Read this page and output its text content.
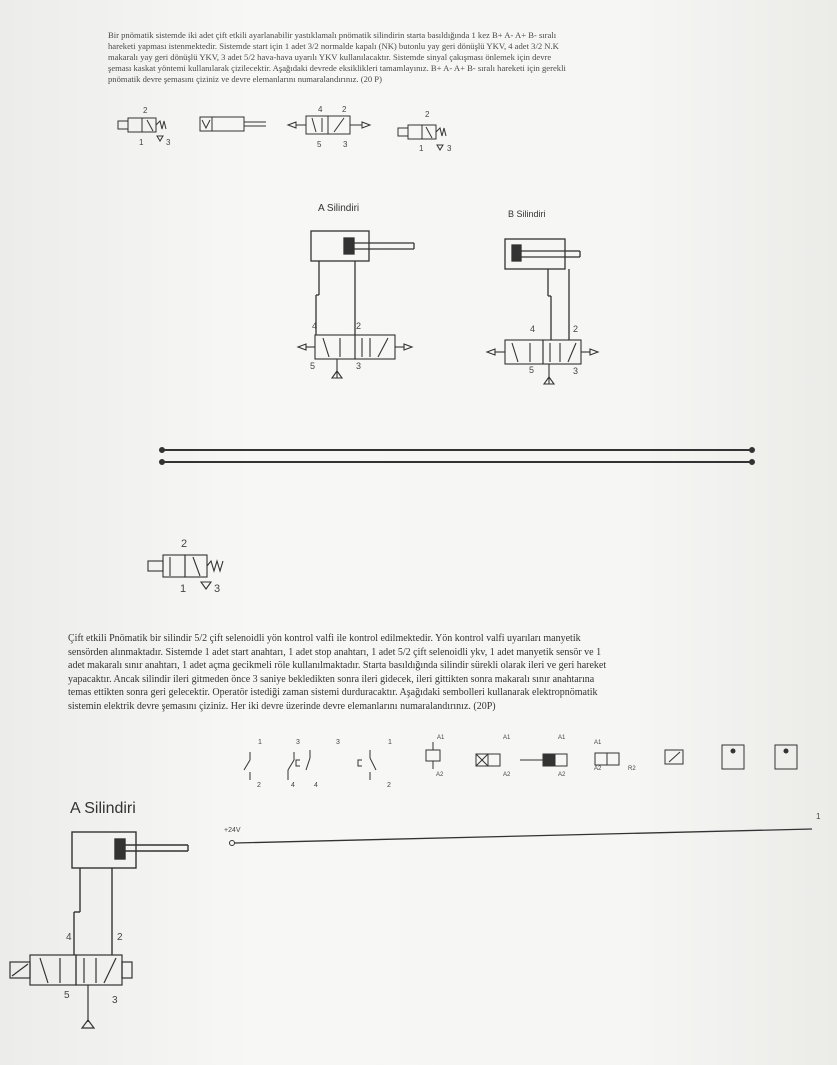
Bir pnömatik sistemde iki adet çift etkili ayarlanabilir yastıklamalı pnömatik silindirin starta basıldığında 1 kez B+ A- A+ B- sıralı

hareketi yapması istenmektedir. Sistemde start için 1 adet 3/2 normalde kapalı (NK) butonlu yay geri dönüşlü YKV, 4 adet 3/2 N.K

makaralı yay geri dönüşlü YKV, 3 adet 5/2 hava-hava uyarılı YKV kullanılacaktır. Sistemde sinyal çakışması önlemek için devre

şeması kaskat yöntemi kullanılarak çizilecektir. Aşağıdaki devrede eksiklikleri tamamlayınız. B+ A- A+ B- sıralı hareketi için gerekli

pnömatik devre şemasını çiziniz ve devre elemanlarını numaralandırınız. (20 P)

2
1	3
4 2
5	3
2
1	3
A Silindiri	B Silindiri
4	2
5	3
4	2
5	3
2
1	3

Çift etkili Pnömatik bir silindir 5/2 çift selenoidli yön kontrol valfi ile kontrol edilmektedir. Yön kontrol valfi uyarıları manyetik

sensörden alınmaktadır. Sistemde 1 adet start anahtarı, 1 adet stop anahtarı, 1 adet 5/2 çift selenoidli ykv, 1 adet manyetik sensör ve 1

adet makaralı sınır anahtarı, 1 adet açma gecikmeli röle kullanılmaktadır. Starta basıldığında silindir sürekli olarak ileri ve geri hareket

yapacaktır. Ancak silindir ileri gitmeden önce 3 saniye bekledikten sonra ileri gidecek, ileri gittikten sonra makaralı sınır anahtarına

temas ettikten sonra geri gelecektir. Operatör istediği zaman sistemi durduracaktır. Aşağıdaki sembolleri kullanarak elektropnömatik

sistemin elektrik devre şemasını çiziniz. Her iki devre üzerinde devre elemanlarını numaralandırınız. (20P)

1	3	3	1
A1	A1	A1
A1
2	4	4	2
A2	A2	A2
A2	R2
1
A Silindiri
+24V
4	2
5	3
